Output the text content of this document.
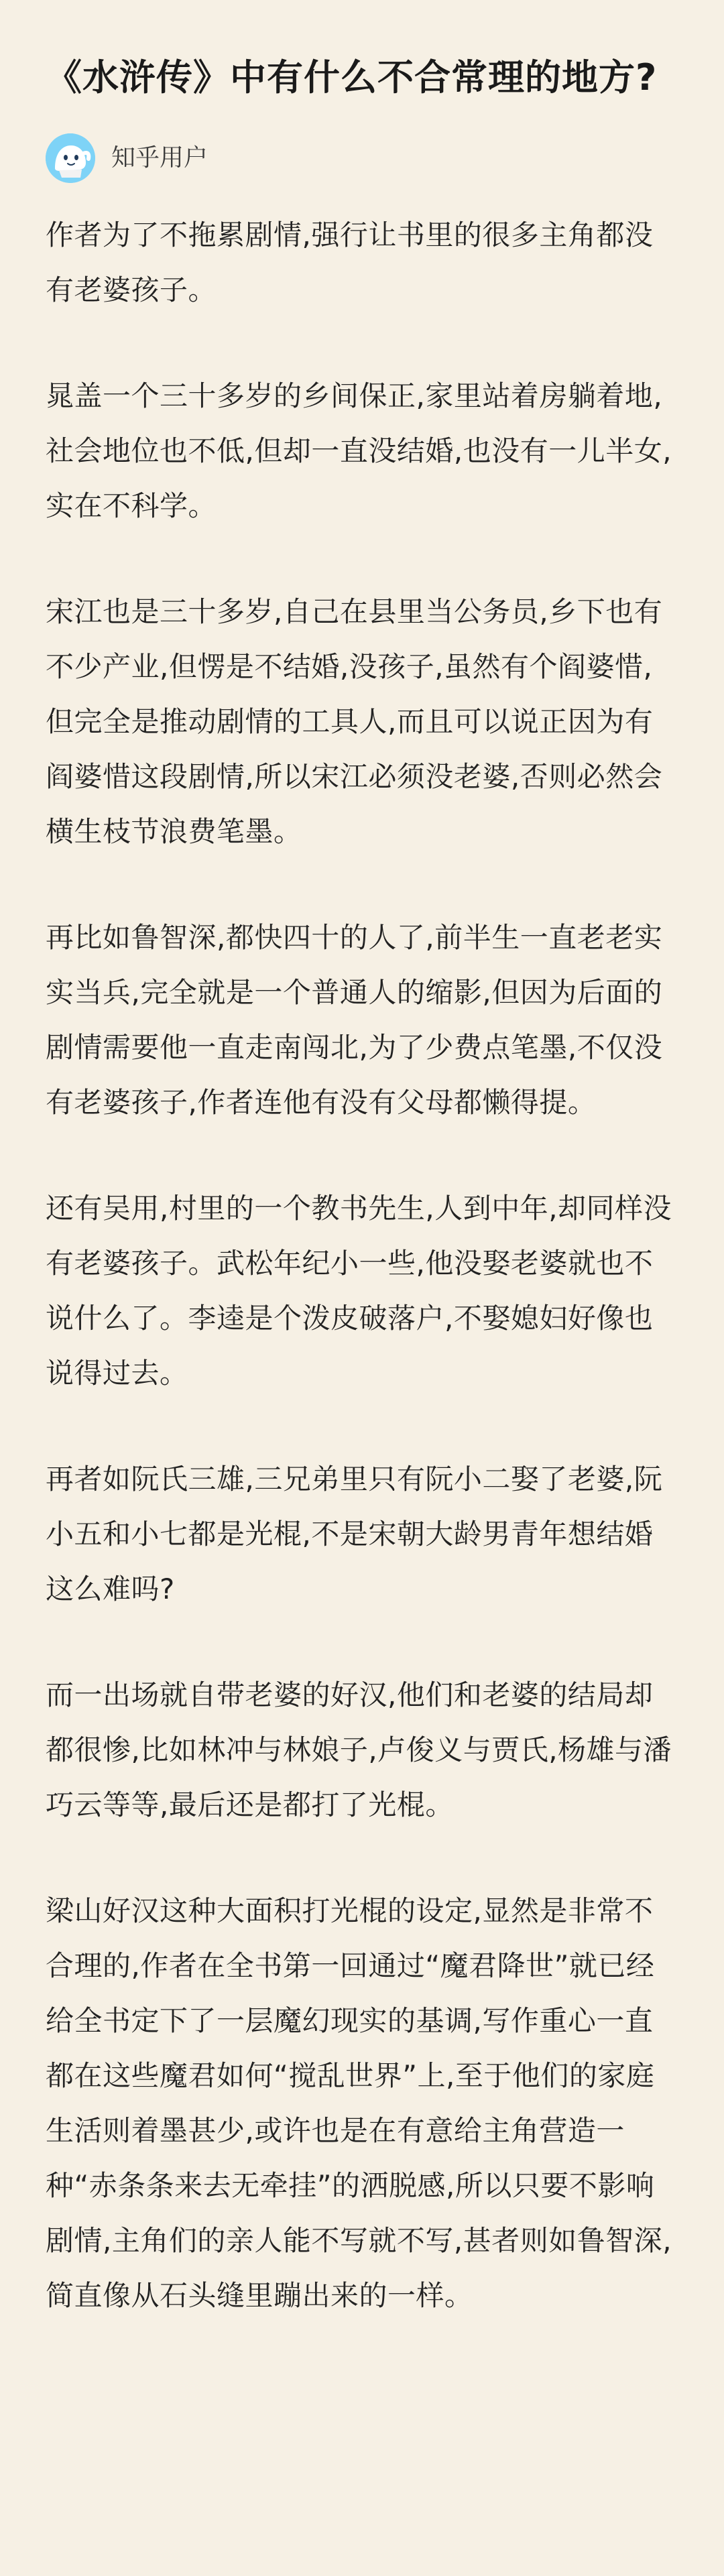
《水浒传》中有什么不合常理的地方?
知乎用户

作者为了不拖累剧情,强行让书里的很多主角都没有老婆孩子。

晁盖一个三十多岁的乡间保正,家里站着房躺着地,社会地位也不低,但却一直没结婚,也没有一儿半女,实在不科学。

宋江也是三十多岁,自己在县里当公务员,乡下也有不少产业,但愣是不结婚,没孩子,虽然有个阎婆惜,但完全是推动剧情的工具人,而且可以说正因为有阎婆惜这段剧情,所以宋江必须没老婆,否则必然会横生枝节浪费笔墨。

再比如鲁智深,都快四十的人了,前半生一直老老实实当兵,完全就是一个普通人的缩影,但因为后面的剧情需要他一直走南闯北,为了少费点笔墨,不仅没有老婆孩子,作者连他有没有父母都懒得提。

还有吴用,村里的一个教书先生,人到中年,却同样没有老婆孩子。武松年纪小一些,他没娶老婆就也不说什么了。李逵是个泼皮破落户,不娶媳妇好像也说得过去。

再者如阮氏三雄,三兄弟里只有阮小二娶了老婆,阮小五和小七都是光棍,不是宋朝大龄男青年想结婚这么难吗?

而一出场就自带老婆的好汉,他们和老婆的结局却都很惨,比如林冲与林娘子,卢俊义与贾氏,杨雄与潘巧云等等,最后还是都打了光棍。

梁山好汉这种大面积打光棍的设定,显然是非常不合理的,作者在全书第一回通过“魔君降世”就已经给全书定下了一层魔幻现实的基调,写作重心一直都在这些魔君如何“搅乱世界”上,至于他们的家庭生活则着墨甚少,或许也是在有意给主角营造一种“赤条条来去无牵挂”的洒脱感,所以只要不影响剧情,主角们的亲人能不写就不写,甚者则如鲁智深,简直像从石头缝里蹦出来的一样。
